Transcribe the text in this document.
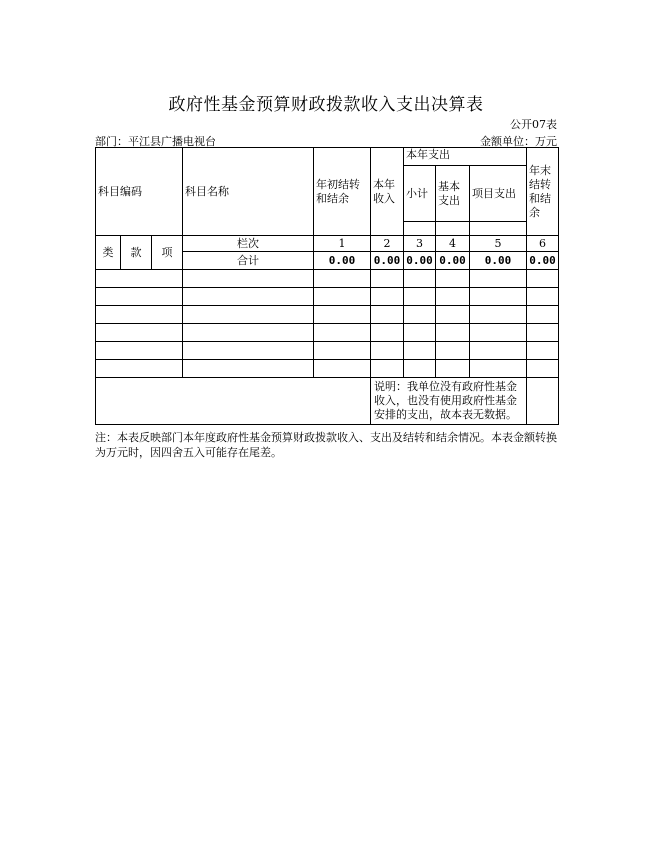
政府性基金预算财政拨款收入支出决算表
公开07表
部门：平江县广播电视台	金额单位：万元
科目编码			科目名称	年初结转和结余	本年收入	本年支出			年末结转和结余
						小计	基本支出	项目支出	

类	款	项	栏次	1	2	3	4	5	6
			合计	0.00	0.00	0.00	0.00	0.00	0.00

					说明：我单位没有政府性基金收入，也没有使用政府性基金安排的支出，故本表无数据。				
注：本表反映部门本年度政府性基金预算财政拨款收入、支出及结转和结余情况。本表金额转换为万元时，因四舍五入可能存在尾差。
